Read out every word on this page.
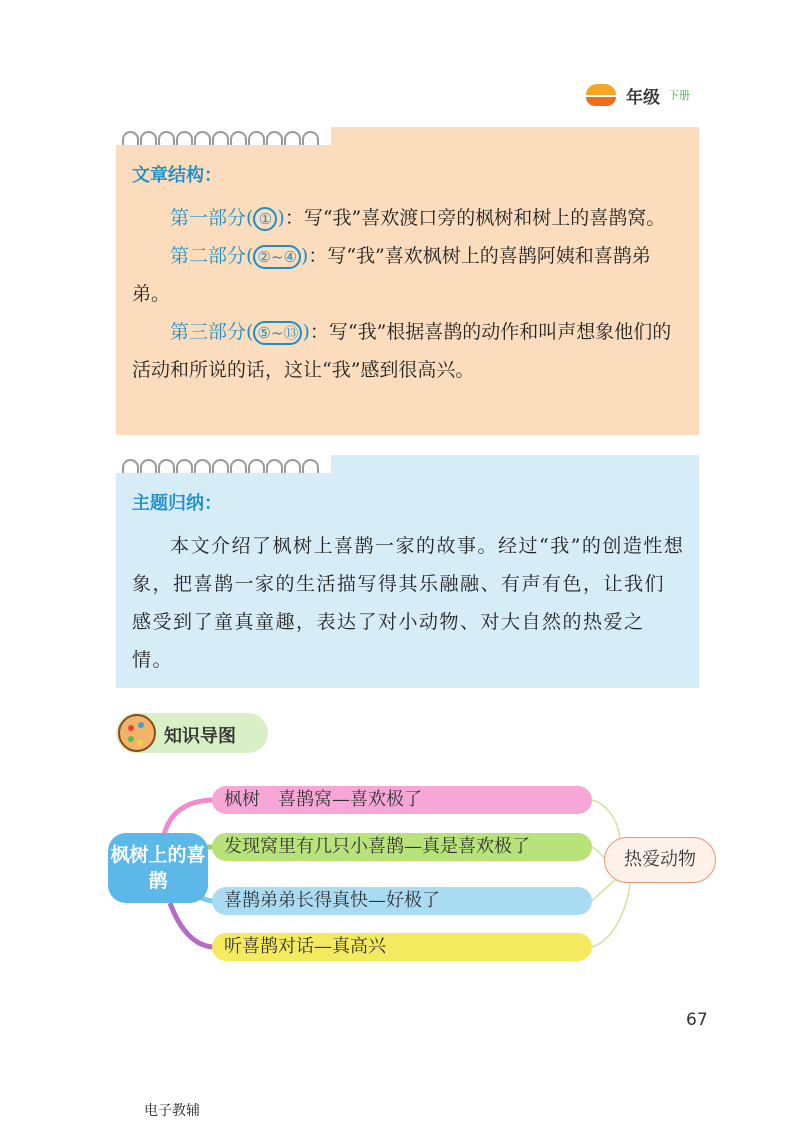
年级 下册
文章结构：

第一部分( ① )：写“我”喜欢渡口旁的枫树和树上的喜鹊窝。

第二部分( ②~④ )：写“我”喜欢枫树上的喜鹊阿姨和喜鹊弟弟。

第三部分( ⑤~⑬ )：写“我”根据喜鹊的动作和叫声想象他们的活动和所说的话，这让“我”感到很高兴。

主题归纳：

本文介绍了枫树上喜鹊一家的故事。经过“我”的创造性想象，把喜鹊一家的生活描写得其乐融融、有声有色，让我们感受到了童真童趣，表达了对小动物、对大自然的热爱之情。

知识导图
枫树上的喜鹊
枫树　喜鹊窝—喜欢极了
发现窝里有几只小喜鹊—真是喜欢极了
喜鹊弟弟长得真快—好极了
听喜鹊对话—真高兴
热爱动物
67
电子教辅
